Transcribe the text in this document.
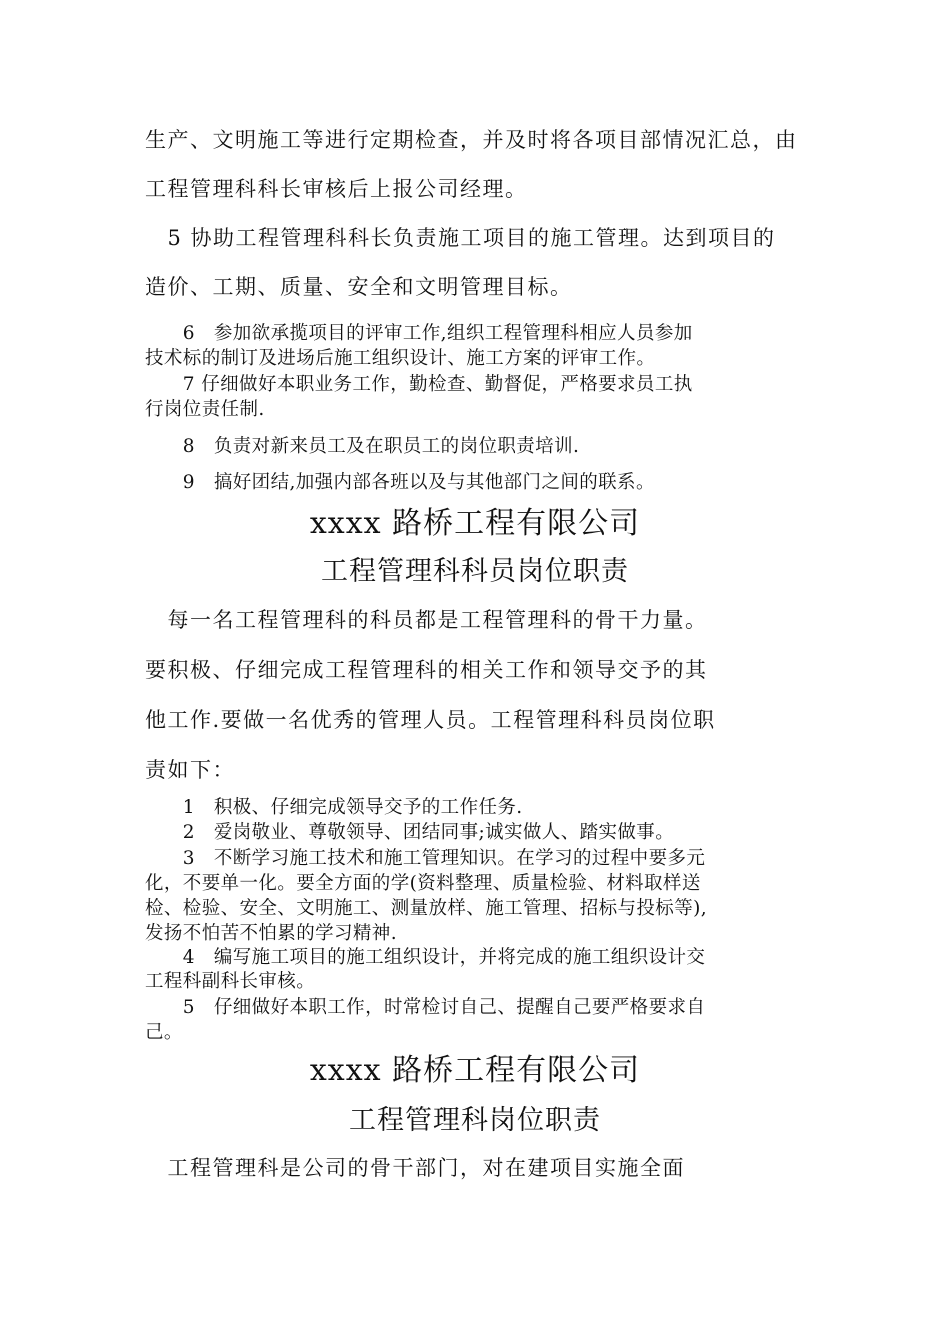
生产、文明施工等进行定期检查，并及时将各项目部情况汇总，由
工程管理科科长审核后上报公司经理。
　5 协助工程管理科科长负责施工项目的施工管理。达到项目的
造价、工期、质量、安全和文明管理目标。
　　6　参加欲承揽项目的评审工作,组织工程管理科相应人员参加
技术标的制订及进场后施工组织设计、施工方案的评审工作。
　　7 仔细做好本职业务工作，勤检查、勤督促，严格要求员工执
行岗位责任制.
　　8　负责对新来员工及在职员工的岗位职责培训.
　　9　搞好团结,加强内部各班以及与其他部门之间的联系。
xxxx 路桥工程有限公司
工程管理科科员岗位职责
　每一名工程管理科的科员都是工程管理科的骨干力量。
要积极、仔细完成工程管理科的相关工作和领导交予的其
他工作.要做一名优秀的管理人员。工程管理科科员岗位职
责如下：
　　1　积极、仔细完成领导交予的工作任务.
　　2　爱岗敬业、尊敬领导、团结同事;诚实做人、踏实做事。
　　3　不断学习施工技术和施工管理知识。在学习的过程中要多元
化，不要单一化。要全方面的学(资料整理、质量检验、材料取样送
检、检验、安全、文明施工、测量放样、施工管理、招标与投标等),
发扬不怕苦不怕累的学习精神.
　　4　编写施工项目的施工组织设计，并将完成的施工组织设计交
工程科副科长审核。
　　5　仔细做好本职工作，时常检讨自己、提醒自己要严格要求自
己。
xxxx 路桥工程有限公司
工程管理科岗位职责
　工程管理科是公司的骨干部门，对在建项目实施全面
